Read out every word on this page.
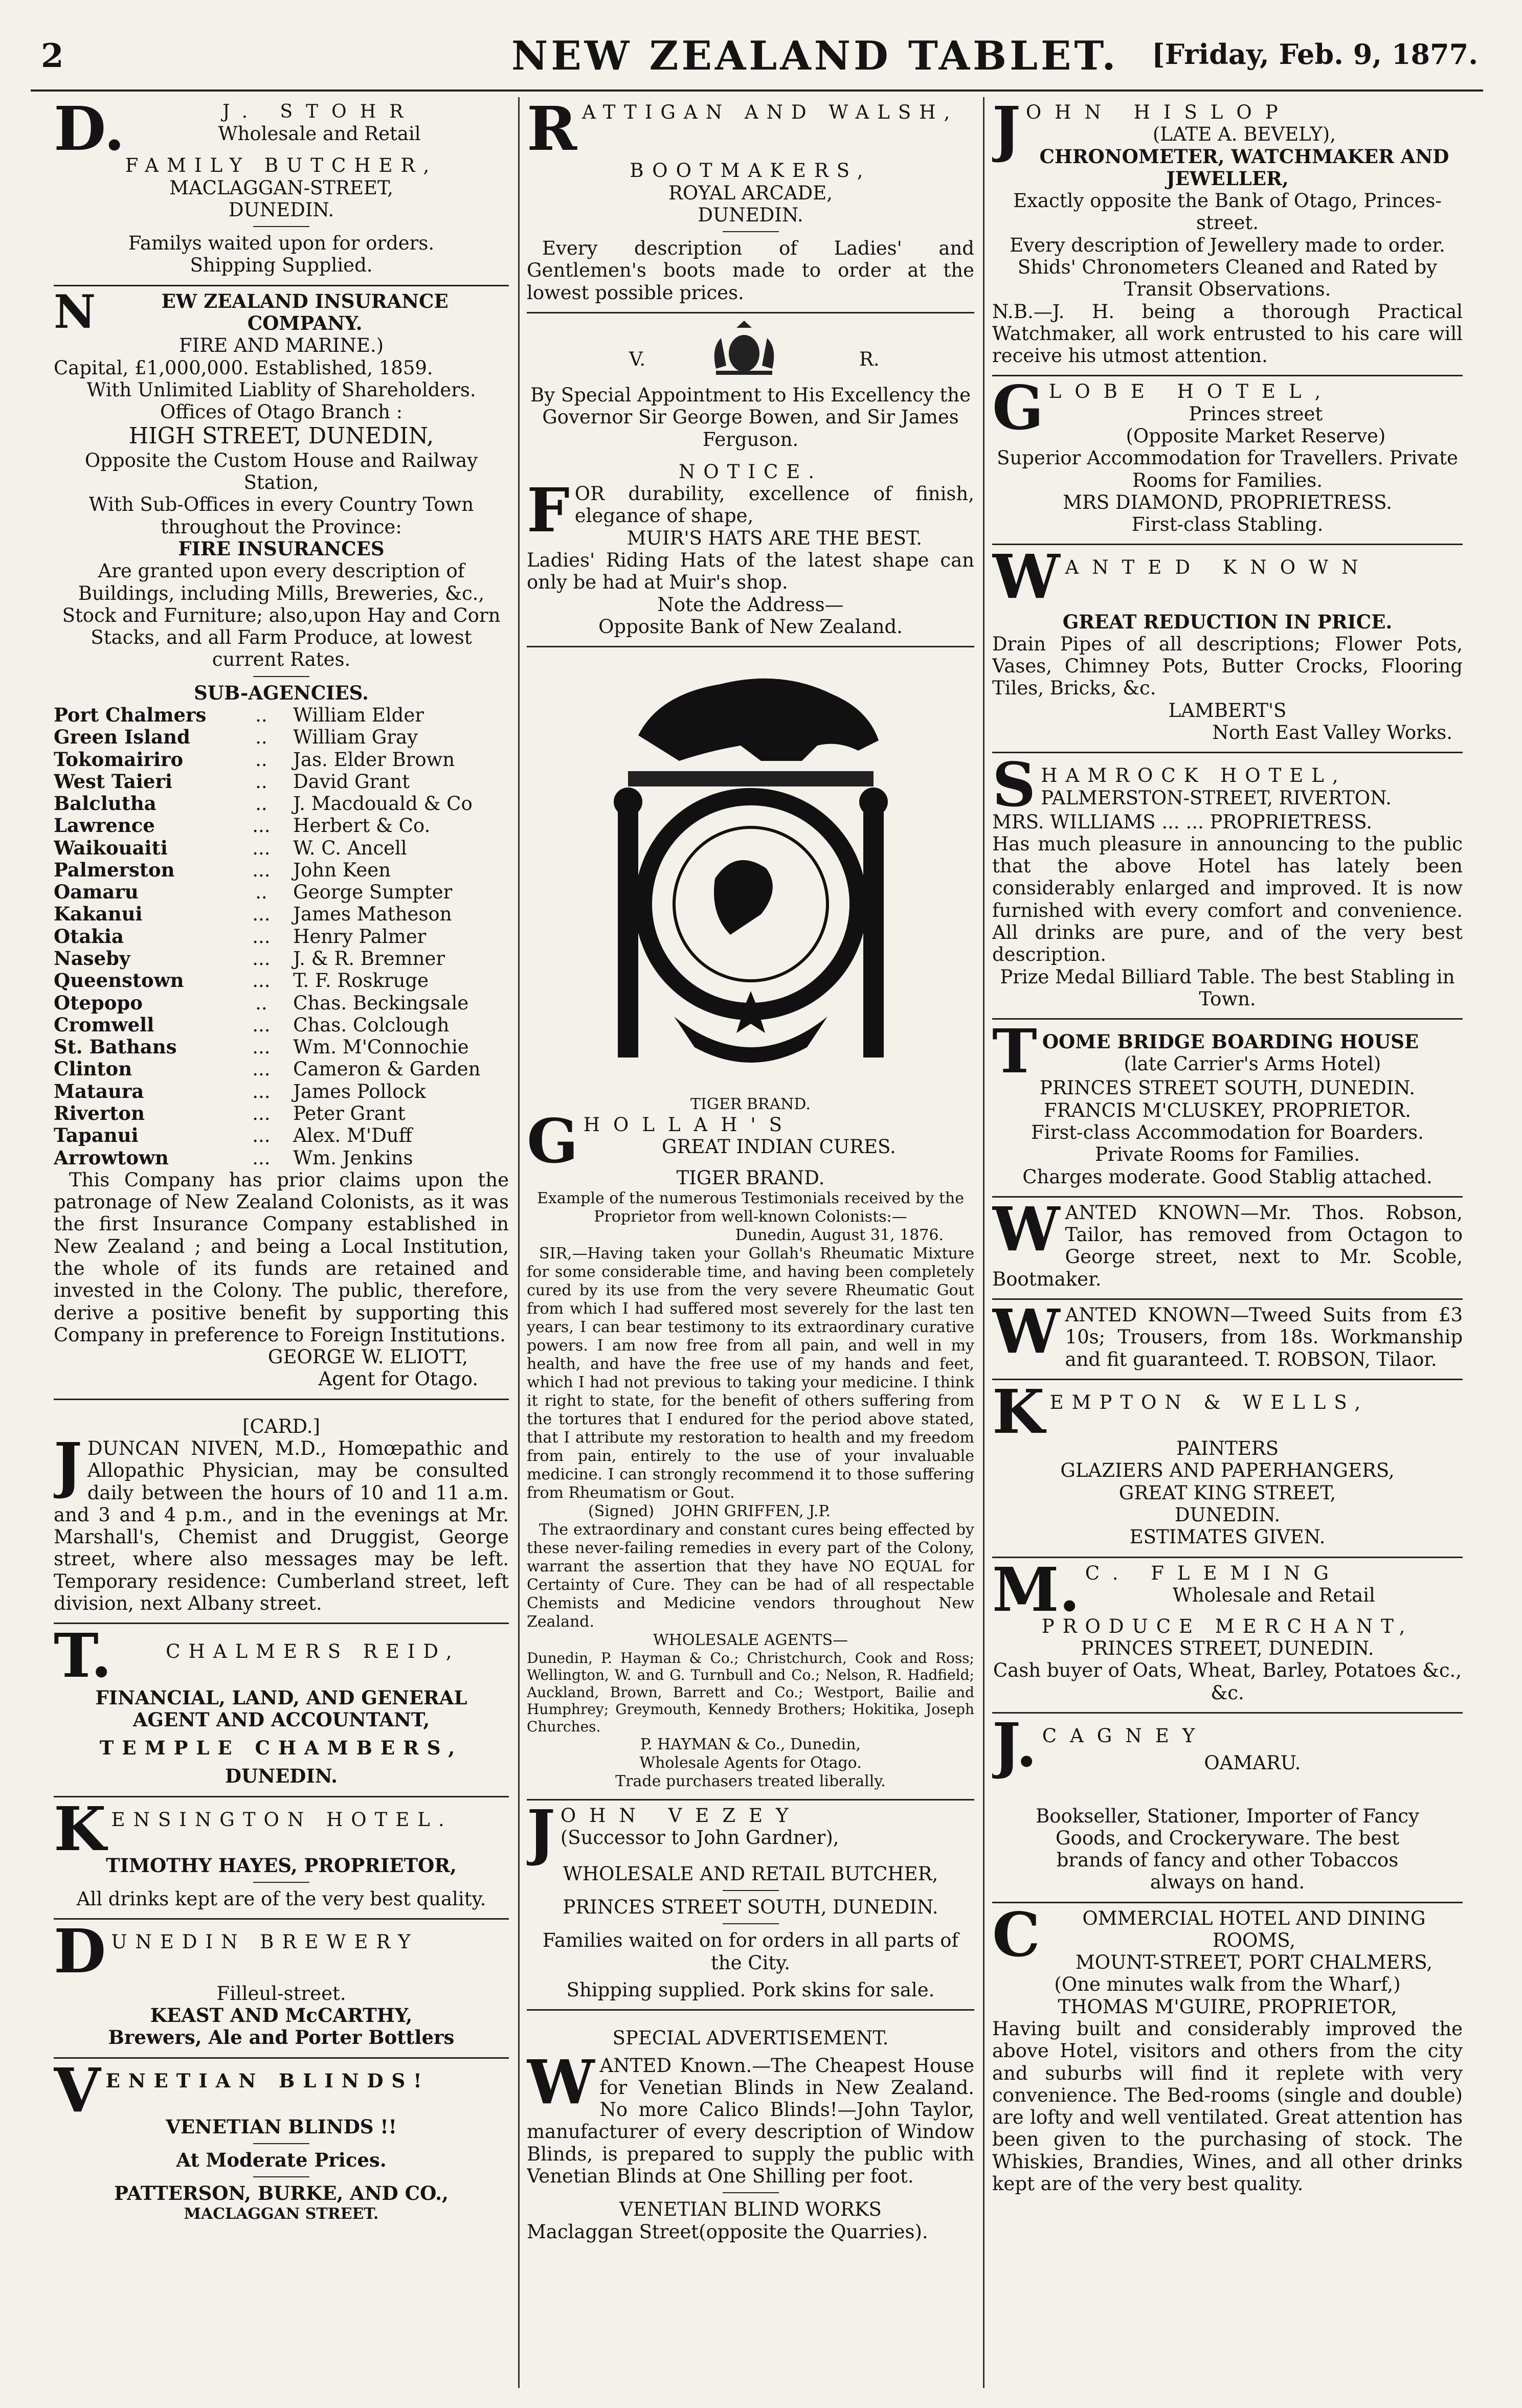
2	NEW ZEALAND TABLET. [Friday, Feb. 9, 1877.
D.	J. STOHR
Wholesale and Retail
FAMILY BUTCHER,
MACLAGGAN-STREET,
DUNEDIN.
Familys waited upon for orders.
Shipping Supplied.
N	EW ZEALAND INSURANCE COMPANY.
FIRE AND MARINE.)
Capital, £1,000,000. Established, 1859.
With Unlimited Liablity of Shareholders.
Offices of Otago Branch :
HIGH STREET, DUNEDIN,
Opposite the Custom House and Railway Station,
With Sub-Offices in every Country Town throughout the Province:
FIRE INSURANCES
Are granted upon every description of Buildings, including Mills, Breweries, &c., Stock and Furniture; also,upon Hay and Corn Stacks, and all Farm Produce, at lowest current Rates.
SUB-AGENCIES.
Port Chalmers	..	William Elder
Green Island	..	William Gray
Tokomairiro	..	Jas. Elder Brown
West Taieri	..	David Grant
Balclutha	..	J. Macdouald & Co
Lawrence	...	Herbert & Co.
Waikouaiti	...	W. C. Ancell
Palmerston	...	John Keen
Oamaru	..	George Sumpter
Kakanui	...	James Matheson
Otakia	...	Henry Palmer
Naseby	...	J. & R. Bremner
Queenstown	...	T. F. Roskruge
Otepopo	..	Chas. Beckingsale
Cromwell	...	Chas. Colclough
St. Bathans	...	Wm. M'Connochie
Clinton	...	Cameron & Garden
Mataura	...	James Pollock
Riverton	...	Peter Grant
Tapanui	...	Alex. M'Duff
Arrowtown	...	Wm. Jenkins
This Company has prior claims upon the patronage of New Zealand Colonists, as it was the first Insurance Company established in New Zealand ; and being a Local Institution, the whole of its funds are retained and invested in the Colony. The public, therefore, derive a positive benefit by supporting this Company in preference to Foreign Institutions.
GEORGE W. ELIOTT,
Agent for Otago.
[CARD.]
J DUNCAN NIVEN, M.D., Homœpathic and Allopathic Physician, may be consulted daily between the hours of 10 and 11 a.m. and 3 and 4 p.m., and in the evenings at Mr. Marshall's, Chemist and Druggist, George street, where also messages may be left. Temporary residence: Cumberland street, left division, next Albany street.
T.	CHALMERS REID,
FINANCIAL, LAND, AND GENERAL
AGENT AND ACCOUNTANT,
TEMPLE CHAMBERS,
DUNEDIN.
K ENSINGTON HOTEL.
TIMOTHY HAYES, PROPRIETOR,
All drinks kept are of the very best quality.
D UNEDIN BREWERY
Filleul-street.
KEAST AND McCARTHY,
Brewers, Ale and Porter Bottlers
V ENETIAN BLINDS!
VENETIAN BLINDS !!
At Moderate Prices.
PATTERSON, BURKE, AND CO.,
MACLAGGAN STREET.
R ATTIGAN AND WALSH,
BOOTMAKERS,
ROYAL ARCADE,
DUNEDIN.
Every description of Ladies' and Gentlemen's boots made to order at the lowest possible prices.
V.	R.
By Special Appointment to His Excellency the Governor Sir George Bowen, and Sir James Ferguson.
NOTICE.
F OR durability, excellence of finish, elegance of shape,
MUIR'S HATS ARE THE BEST.
Ladies' Riding Hats of the latest shape can only be had at Muir's shop.
Note the Address—
Opposite Bank of New Zealand.
TIGER BRAND.
G HOLLAH'S
GREAT INDIAN CURES.
TIGER BRAND.
Example of the numerous Testimonials received by the Proprietor from well-known Colonists:—
Dunedin, August 31, 1876.
SIR,—Having taken your Gollah's Rheumatic Mixture for some considerable time, and having been completely cured by its use from the very severe Rheumatic Gout from which I had suffered most severely for the last ten years, I can bear testimony to its extraordinary curative powers. I am now free from all pain, and well in my health, and have the free use of my hands and feet, which I had not previous to taking your medicine. I think it right to state, for the benefit of others suffering from the tortures that I endured for the period above stated, that I attribute my restoration to health and my freedom from pain, entirely to the use of your invaluable medicine. I can strongly recommend it to those suffering from Rheumatism or Gout.
(Signed) JOHN GRIFFEN, J.P.
The extraordinary and constant cures being effected by these never-failing remedies in every part of the Colony, warrant the assertion that they have NO EQUAL for Certainty of Cure. They can be had of all respectable Chemists and Medicine vendors throughout New Zealand.
WHOLESALE AGENTS—
Dunedin, P. Hayman & Co.; Christchurch, Cook and Ross; Wellington, W. and G. Turnbull and Co.; Nelson, R. Hadfield; Auckland, Brown, Barrett and Co.; Westport, Bailie and Humphrey; Greymouth, Kennedy Brothers; Hokitika, Joseph Churches.
P. HAYMAN & Co., Dunedin,
Wholesale Agents for Otago.
Trade purchasers treated liberally.
J OHN VEZEY
(Successor to John Gardner),
WHOLESALE AND RETAIL BUTCHER,
PRINCES STREET SOUTH, DUNEDIN.
Families waited on for orders in all parts of the City.
Shipping supplied. Pork skins for sale.
SPECIAL ADVERTISEMENT.
W ANTED Known.—The Cheapest House for Venetian Blinds in New Zealand. No more Calico Blinds!—John Taylor, manufacturer of every description of Window Blinds, is prepared to supply the public with Venetian Blinds at One Shilling per foot.
VENETIAN BLIND WORKS
Maclaggan Street(opposite the Quarries).
J OHN HISLOP
(LATE A. BEVELY),
CHRONOMETER, WATCHMAKER AND JEWELLER,
Exactly opposite the Bank of Otago, Princes-street.
Every description of Jewellery made to order.
Shids' Chronometers Cleaned and Rated by Transit Observations.
N.B.—J. H. being a thorough Practical Watchmaker, all work entrusted to his care will receive his utmost attention.
G LOBE HOTEL,
Princes street
(Opposite Market Reserve)
Superior Accommodation for Travellers. Private Rooms for Families.
MRS DIAMOND, PROPRIETRESS.
First-class Stabling.
W ANTED KNOWN
GREAT REDUCTION IN PRICE.
Drain Pipes of all descriptions; Flower Pots, Vases, Chimney Pots, Butter Crocks, Flooring Tiles, Bricks, &c.
LAMBERT'S
North East Valley Works.
S HAMROCK HOTEL,
PALMERSTON-STREET, RIVERTON.
MRS. WILLIAMS ... ... PROPRIETRESS.
Has much pleasure in announcing to the public that the above Hotel has lately been considerably enlarged and improved. It is now furnished with every comfort and convenience. All drinks are pure, and of the very best description.
Prize Medal Billiard Table. The best Stabling in Town.
T OOME BRIDGE BOARDING HOUSE
(late Carrier's Arms Hotel)
PRINCES STREET SOUTH, DUNEDIN.
FRANCIS M'CLUSKEY, PROPRIETOR.
First-class Accommodation for Boarders.
Private Rooms for Families.
Charges moderate. Good Stablig attached.
W ANTED KNOWN—Mr. Thos. Robson, Tailor, has removed from Octagon to George street, next to Mr. Scoble, Bootmaker.
W ANTED KNOWN—Tweed Suits from £3 10s; Trousers, from 18s. Workmanship and fit guaranteed. T. ROBSON, Tilaor.
K EMPTON & WELLS,
PAINTERS
GLAZIERS AND PAPERHANGERS,
GREAT KING STREET,
DUNEDIN.
ESTIMATES GIVEN.
M. C. FLEMING
Wholesale and Retail
PRODUCE MERCHANT,
PRINCES STREET, DUNEDIN.
Cash buyer of Oats, Wheat, Barley, Potatoes &c., &c.
J. CAGNEY
OAMARU.
Bookseller, Stationer, Importer of Fancy Goods, and Crockeryware. The best brands of fancy and other Tobaccos always on hand.
C	OMMERCIAL HOTEL AND DINING ROOMS,
MOUNT-STREET, PORT CHALMERS,
(One minutes walk from the Wharf,)
THOMAS M'GUIRE, PROPRIETOR,
Having built and considerably improved the above Hotel, visitors and others from the city and suburbs will find it replete with very convenience. The Bed-rooms (single and double) are lofty and well ventilated. Great attention has been given to the purchasing of stock. The Whiskies, Brandies, Wines, and all other drinks kept are of the very best quality.
